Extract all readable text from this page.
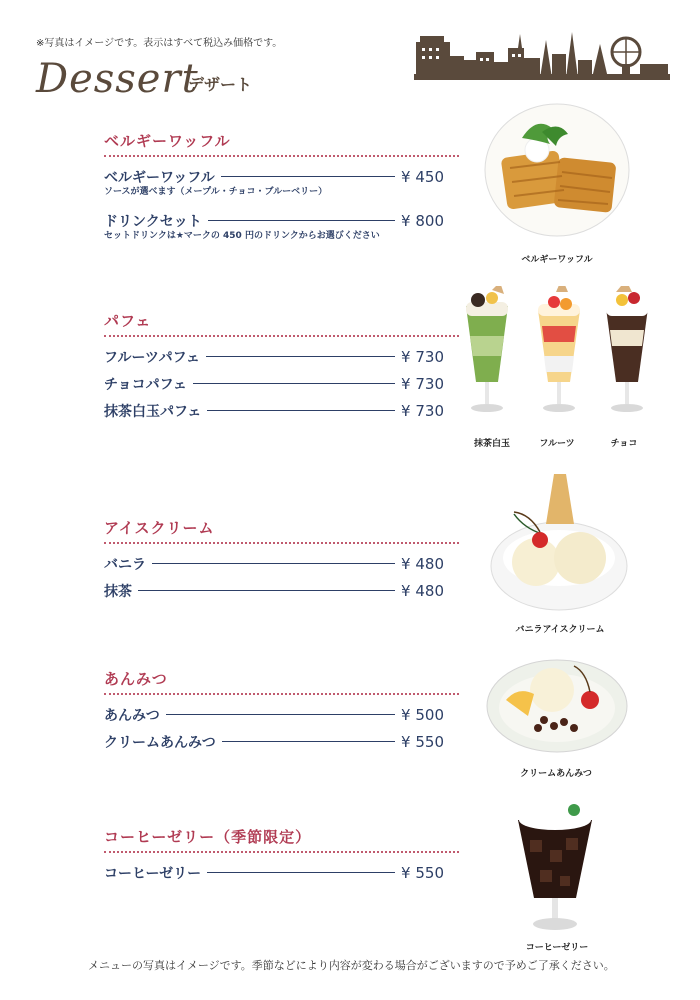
※写真はイメージです。表示はすべて税込み価格です。
Dessert
デザート
ベルギーワッフル
ベルギーワッフル	¥ 450
ソースが選べます（メープル・チョコ・ブルーベリー）
ドリンクセット	¥ 800
セットドリンクは★マークの 450 円のドリンクからお選びください
パフェ
フルーツパフェ	¥ 730
チョコパフェ	¥ 730
抹茶白玉パフェ	¥ 730
アイスクリーム
バニラ	¥ 480
抹茶	¥ 480
あんみつ
あんみつ	¥ 500
クリームあんみつ	¥ 550
コーヒーゼリー（季節限定）
コーヒーゼリー	¥ 550
ベルギーワッフル
抹茶白玉	フルーツ	チョコ
バニラアイスクリーム
クリームあんみつ
コーヒーゼリー
メニューの写真はイメージです。季節などにより内容が変わる場合がございますので予めご了承ください。
